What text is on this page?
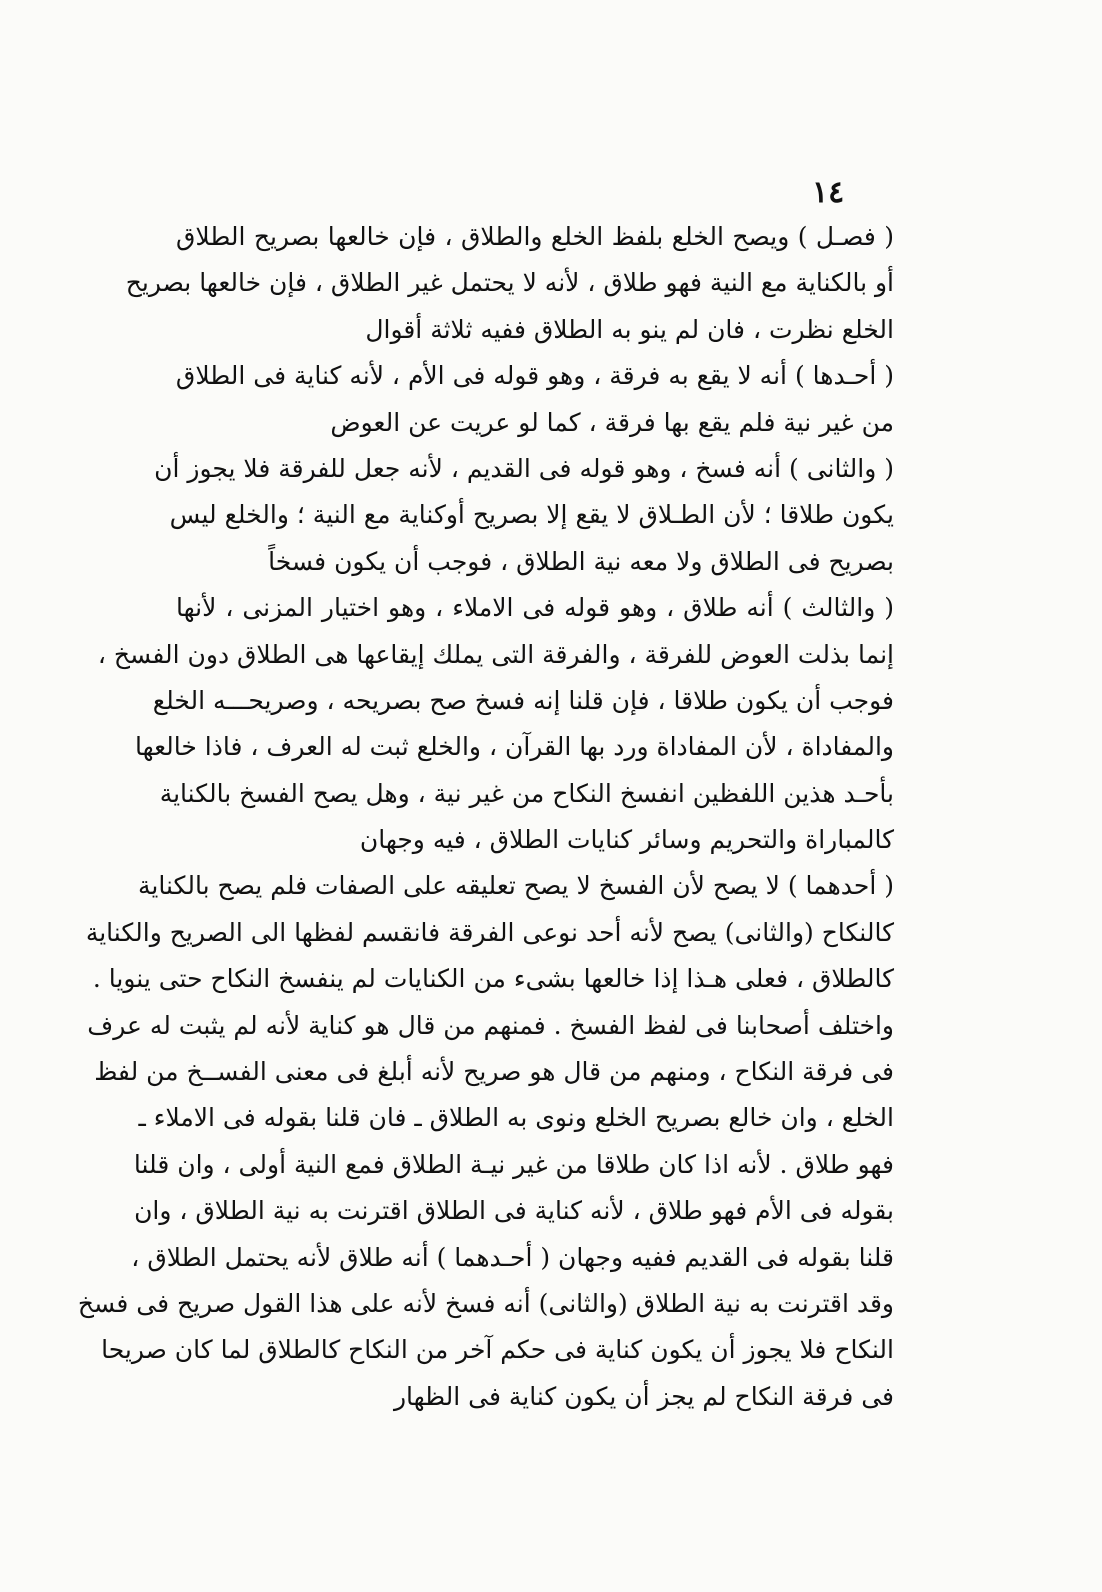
١٤
( فصـل ) ويصح الخلع بلفظ الخلع والطلاق ، فإن خالعها بصريح الطلاق
أو بالكناية مع النية فهو طلاق ، لأنه لا يحتمل غير الطلاق ، فإن خالعها بصريح
الخلع نظرت ، فان لم ينو به الطلاق ففيه ثلاثة أقوال
( أحـدها ) أنه لا يقع به فرقة ، وهو قوله فى الأم ، لأنه كناية فى الطلاق
من غير نية فلم يقع بها فرقة ، كما لو عريت عن العوض
( والثانى ) أنه فسخ ، وهو قوله فى القديم ، لأنه جعل للفرقة فلا يجوز أن
يكون طلاقا ؛ لأن الطـلاق لا يقع إلا بصريح أوكناية مع النية ؛ والخلع ليس
بصريح فى الطلاق ولا معه نية الطلاق ، فوجب أن يكون فسخاً
( والثالث ) أنه طلاق ، وهو قوله فى الاملاء ، وهو اختيار المزنى ، لأنها
إنما بذلت العوض للفرقة ، والفرقة التى يملك إيقاعها هى الطلاق دون الفسخ ،
فوجب أن يكون طلاقا ، فإن قلنا إنه فسخ صح بصريحه ، وصريحـــه الخلع
والمفاداة ، لأن المفاداة ورد بها القرآن ، والخلع ثبت له العرف ، فاذا خالعها
بأحـد هذين اللفظين انفسخ النكاح من غير نية ، وهل يصح الفسخ بالكناية
كالمباراة والتحريم وسائر كنايات الطلاق ، فيه وجهان
( أحدهما ) لا يصح لأن الفسخ لا يصح تعليقه على الصفات فلم يصح بالكناية
كالنكاح (والثانى) يصح لأنه أحد نوعى الفرقة فانقسم لفظها الى الصريح والكناية
كالطلاق ، فعلى هـذا إذا خالعها بشىء من الكنايات لم ينفسخ النكاح حتى ينويا .
واختلف أصحابنا فى لفظ الفسخ . فمنهم من قال هو كناية لأنه لم يثبت له عرف
فى فرقة النكاح ، ومنهم من قال هو صريح لأنه أبلغ فى معنى الفســخ من لفظ
الخلع ، وان خالع بصريح الخلع ونوى به الطلاق ـ فان قلنا بقوله فى الاملاء ـ
فهو طلاق . لأنه اذا كان طلاقا من غير نيـة الطلاق فمع النية أولى ، وان قلنا
بقوله فى الأم فهو طلاق ، لأنه كناية فى الطلاق اقترنت به نية الطلاق ، وان
قلنا بقوله فى القديم ففيه وجهان ( أحـدهما ) أنه طلاق لأنه يحتمل الطلاق ،
وقد اقترنت به نية الطلاق (والثانى) أنه فسخ لأنه على هذا القول صريح فى فسخ
النكاح فلا يجوز أن يكون كناية فى حكم آخر من النكاح كالطلاق لما كان صريحا
فى فرقة النكاح لم يجز أن يكون كناية فى الظهار
